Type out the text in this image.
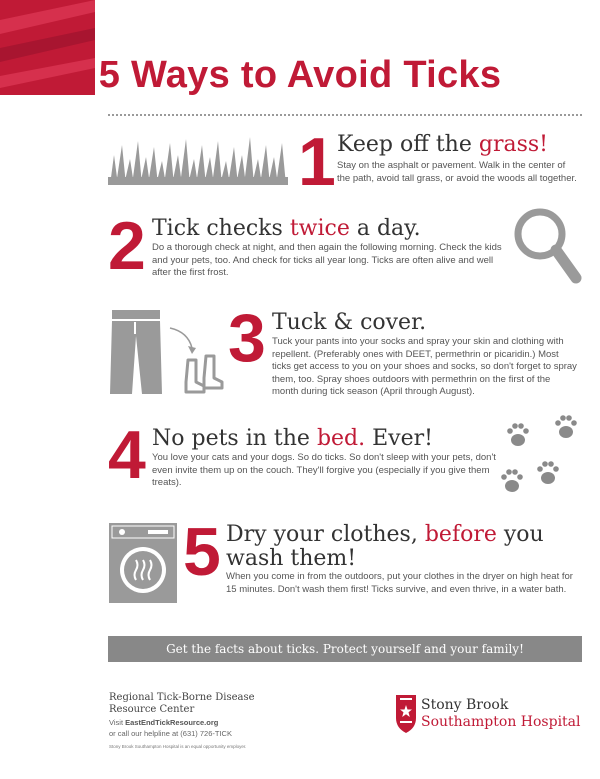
5 Ways to Avoid Ticks
1 Keep off the grass!
Stay on the asphalt or pavement. Walk in the center of the path, avoid tall grass, or avoid the woods all together.
2 Tick checks twice a day.
Do a thorough check at night, and then again the following morning. Check the kids and your pets, too. And check for ticks all year long. Ticks are often alive and well after the first frost.
3 Tuck & cover.
Tuck your pants into your socks and spray your skin and clothing with repellent. (Preferably ones with DEET, permethrin or picaridin.) Most ticks get access to you on your shoes and socks, so don't forget to spray them, too. Spray shoes outdoors with permethrin on the first of the month during tick season (April through August).
4 No pets in the bed. Ever!
You love your cats and your dogs. So do ticks. So don't sleep with your pets, don't even invite them up on the couch. They'll forgive you (especially if you give them treats).
5 Dry your clothes, before you
wash them!
When you come in from the outdoors, put your clothes in the dryer on high heat for 15 minutes. Don't wash them first! Ticks survive, and even thrive, in a water bath.
Get the facts about ticks. Protect yourself and your family!
Regional Tick-Borne Disease
Resource Center
Visit EastEndTickResource.org
or call our helpline at (631) 726-TICK
Stony Brook Southampton Hospital is an equal opportunity employer.
Stony Brook
Southampton Hospital
